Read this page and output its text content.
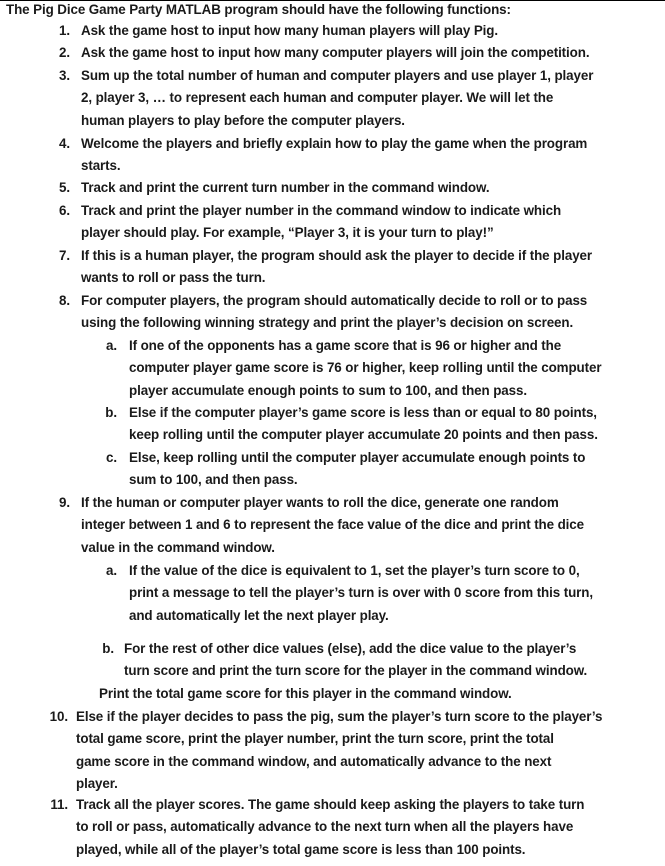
The Pig Dice Game Party MATLAB program should have the following functions:
1. Ask the game host to input how many human players will play Pig.
2. Ask the game host to input how many computer players will join the competition.
3. Sum up the total number of human and computer players and use player 1, player
2, player 3, … to represent each human and computer player. We will let the
human players to play before the computer players.
4. Welcome the players and briefly explain how to play the game when the program
starts.
5. Track and print the current turn number in the command window.
6. Track and print the player number in the command window to indicate which
player should play. For example, “Player 3, it is your turn to play!”
7. If this is a human player, the program should ask the player to decide if the player
wants to roll or pass the turn.
8. For computer players, the program should automatically decide to roll or to pass
using the following winning strategy and print the player’s decision on screen.
a. If one of the opponents has a game score that is 96 or higher and the
computer player game score is 76 or higher, keep rolling until the computer
player accumulate enough points to sum to 100, and then pass.
b. Else if the computer player’s game score is less than or equal to 80 points,
keep rolling until the computer player accumulate 20 points and then pass.
c. Else, keep rolling until the computer player accumulate enough points to
sum to 100, and then pass.
9. If the human or computer player wants to roll the dice, generate one random
integer between 1 and 6 to represent the face value of the dice and print the dice
value in the command window.
a. If the value of the dice is equivalent to 1, set the player’s turn score to 0,
print a message to tell the player’s turn is over with 0 score from this turn,
and automatically let the next player play.
b. For the rest of other dice values (else), add the dice value to the player’s
turn score and print the turn score for the player in the command window.
Print the total game score for this player in the command window.
10. Else if the player decides to pass the pig, sum the player’s turn score to the player’s
total game score, print the player number, print the turn score, print the total
game score in the command window, and automatically advance to the next
player.
11. Track all the player scores. The game should keep asking the players to take turn
to roll or pass, automatically advance to the next turn when all the players have
played, while all of the player’s total game score is less than 100 points.
